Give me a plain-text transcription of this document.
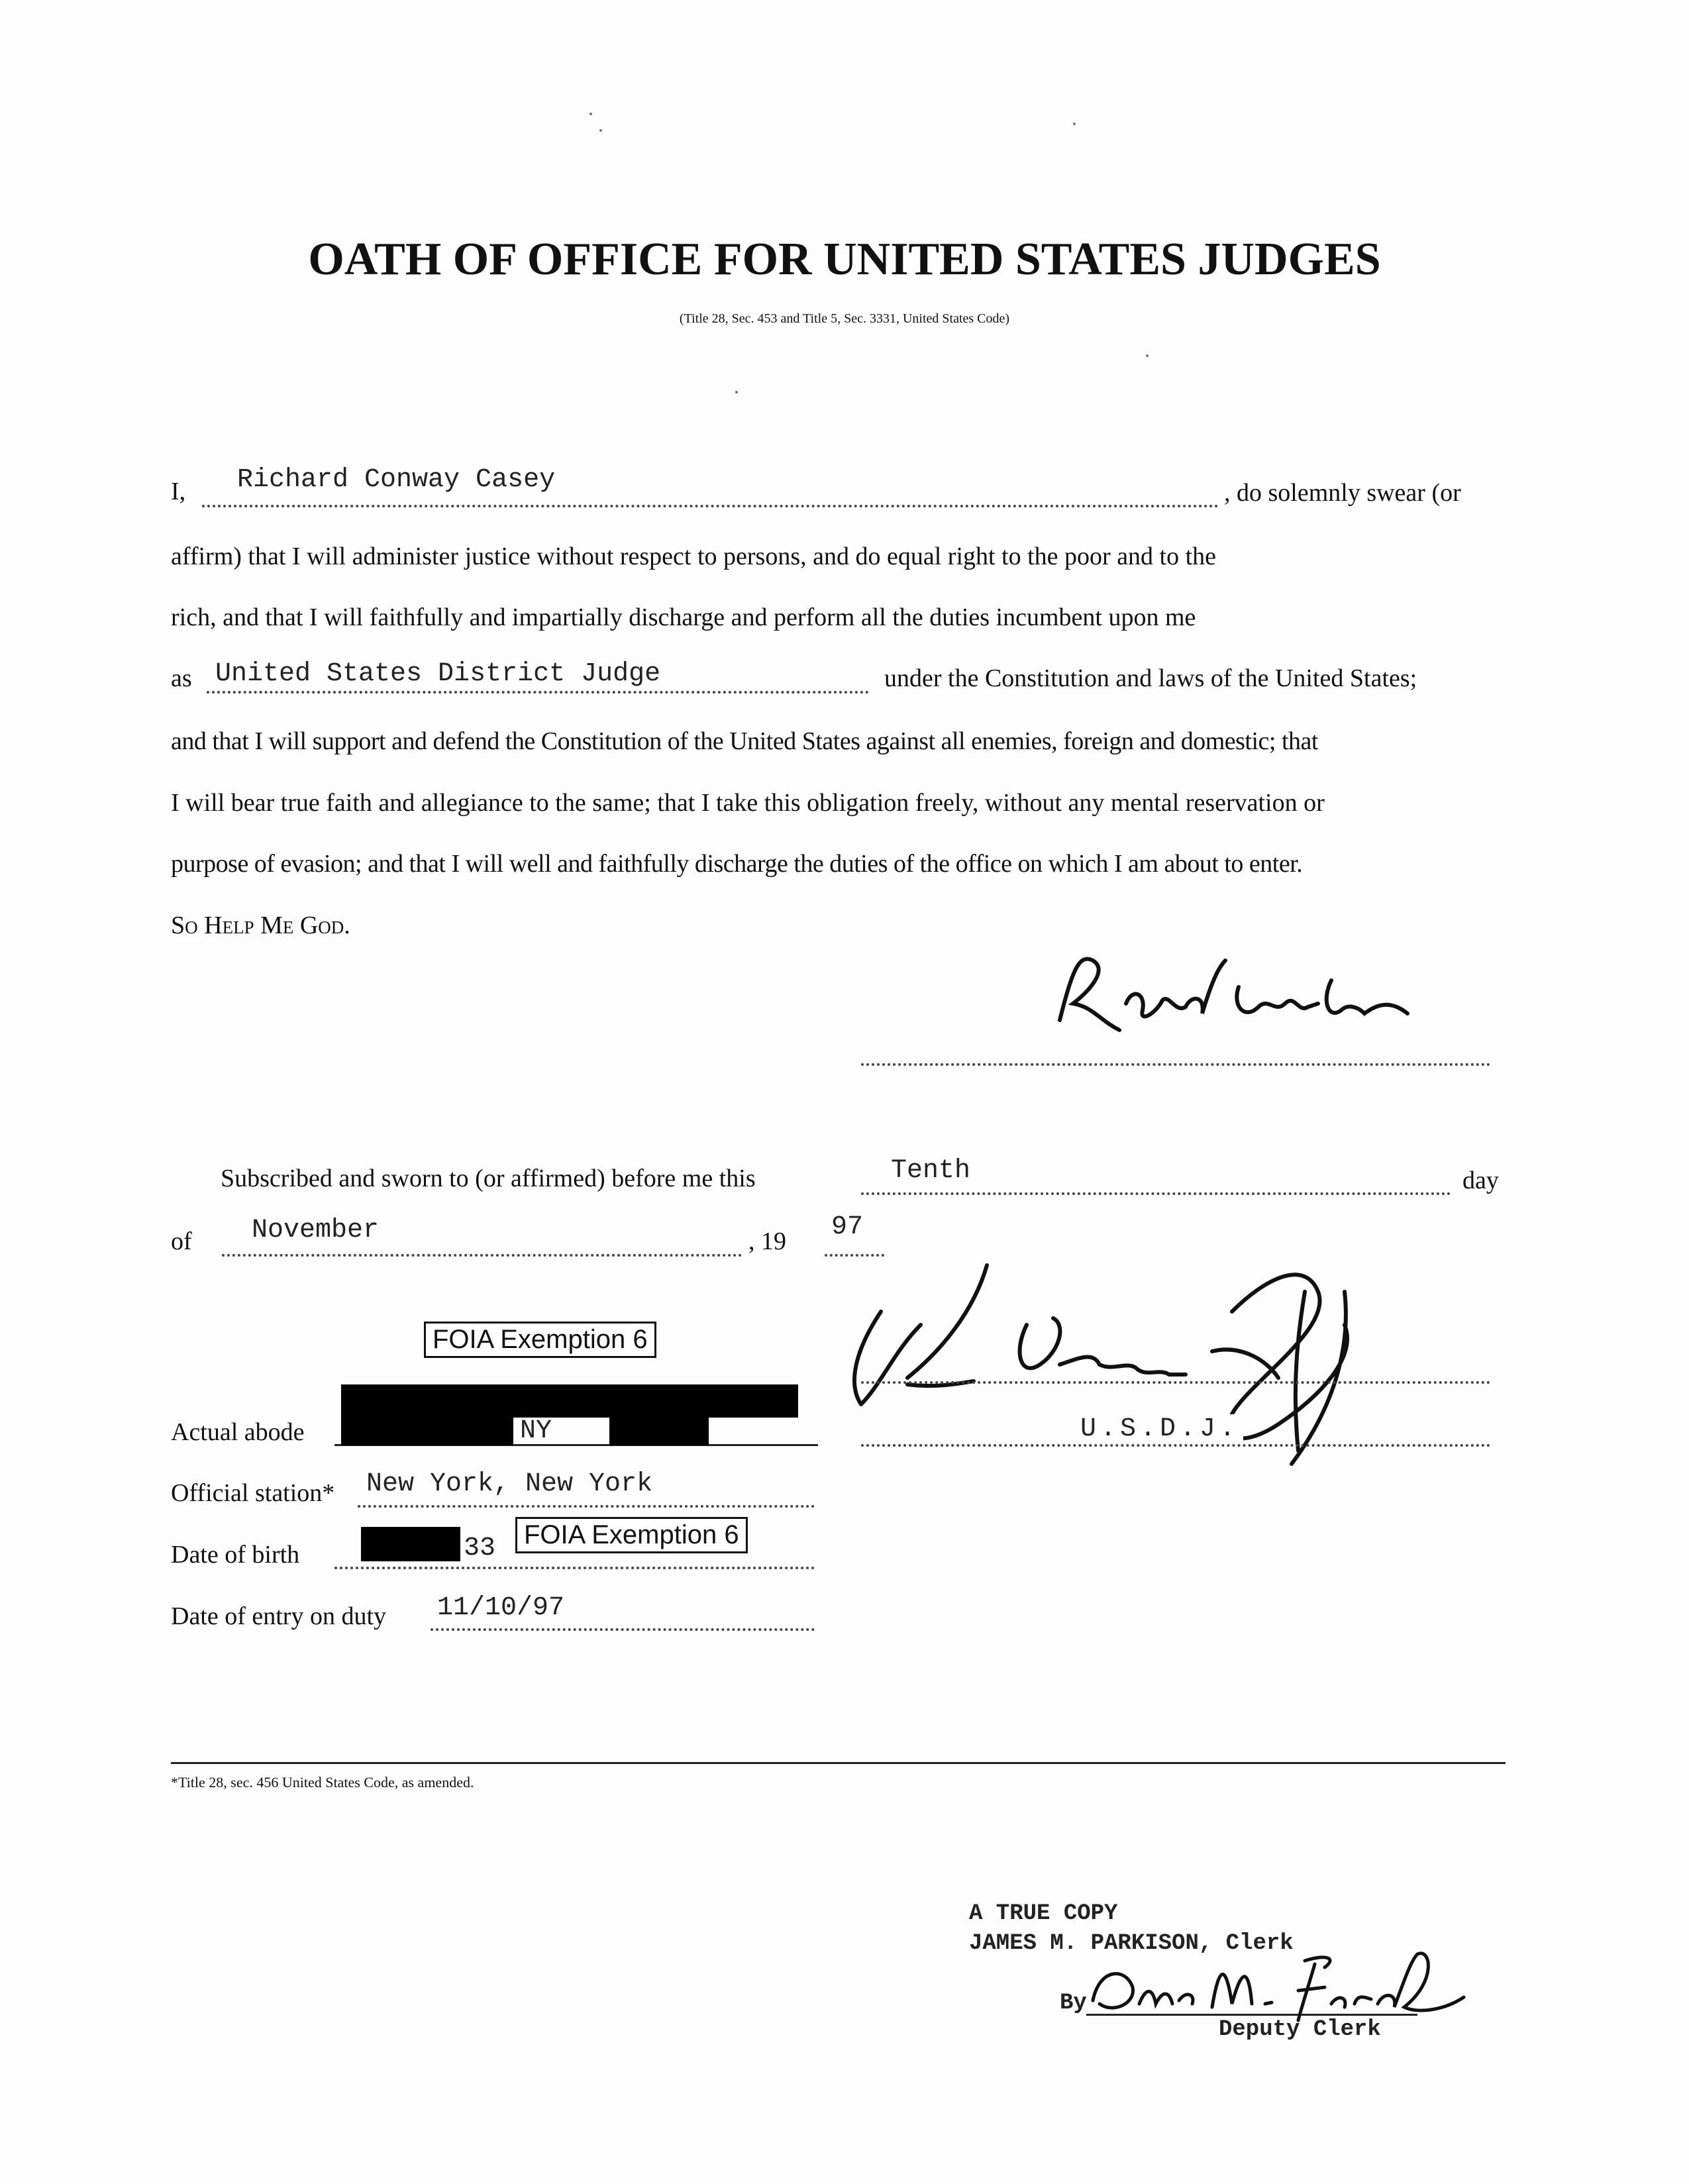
OATH OF OFFICE FOR UNITED STATES JUDGES
(Title 28, Sec. 453 and Title 5, Sec. 3331, United States Code)
I, Richard Conway Casey	, do solemnly swear (or
affirm) that I will administer justice without respect to persons, and do equal right to the poor and to the
rich, and that I will faithfully and impartially discharge and perform all the duties incumbent upon me
as United States District Judge	under the Constitution and laws of the United States;
and that I will support and defend the Constitution of the United States against all enemies, foreign and domestic; that
I will bear true faith and allegiance to the same; that I take this obligation freely, without any mental reservation or
purpose of evasion; and that I will well and faithfully discharge the duties of the office on which I am about to enter.
So Help Me God.
Subscribed and sworn to (or affirmed) before me this	Tenth	day
of November	, 19 97
U.S.D.J.
FOIA Exemption 6
Actual abode	NY
Official station* New York, New York
Date of birth	33	FOIA Exemption 6
Date of entry on duty 11/10/97
*Title 28, sec. 456 United States Code, as amended.
A TRUE COPY
JAMES M. PARKISON, Clerk
By
Deputy Clerk
